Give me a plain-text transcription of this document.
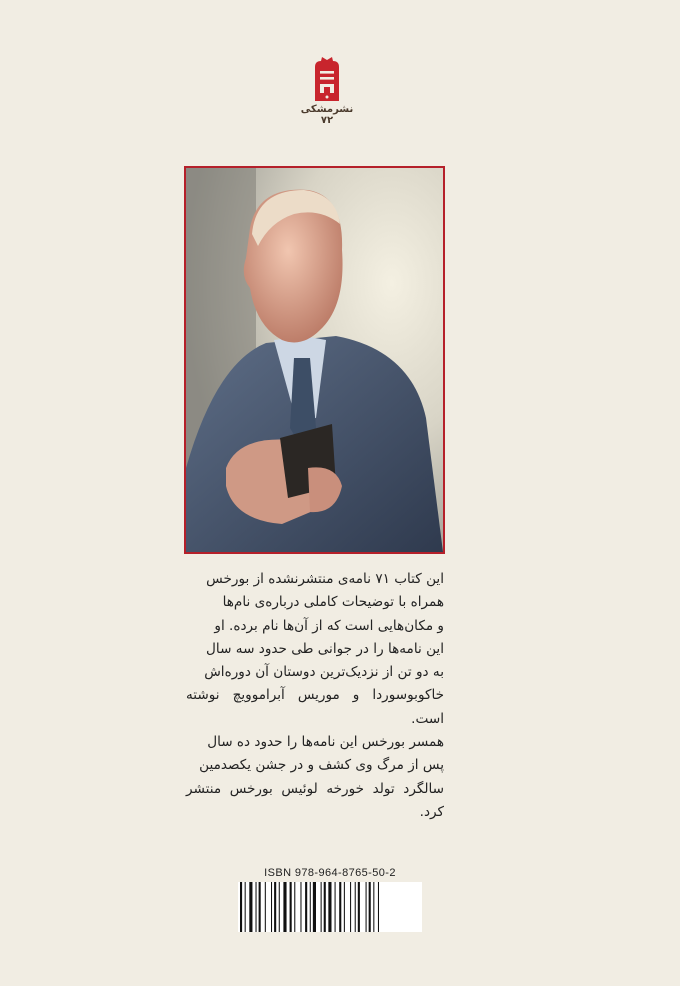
نشرمشکی ۷۲

این کتاب ۷۱ نامه‌ی منتشرنشده از بورخس

همراه با توضیحات کاملی درباره‌ی نام‌ها

و مکان‌هایی است که از آن‌ها نام برده. او

این نامه‌ها را در جوانی طی حدود سه سال

به دو تن از نزدیک‌ترین دوستان آن دوره‌اش

خاکوبوسوردا و موریس آبراموویچ نوشته است.

همسر بورخس این نامه‌ها را حدود ده سال

پس از مرگ وی کشف و در جشن یکصدمین

سالگرد تولد خورخه لوئیس بورخس منتشر کرد.

ISBN 978-964-8765-50-2
